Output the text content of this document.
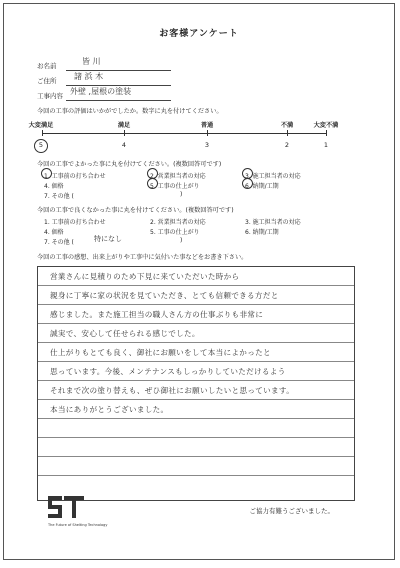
お客様アンケート
お名前	皆 川
ご住所 諸 浜 木
工事内容 外壁 ,屋根の塗装
今回の工事の評価はいかがでしたか。数字に丸を付けてください。
大変満足	満足	普通	不満	大変不満
5	4	3	2	1
今回の工事でよかった事に丸を付けてください。(複数回答可です)
1. 工事前の打ち合わせ	2. 営業担当者の対応	3. 施工担当者の対応
4. 価格	5. 工事の仕上がり	6. 納期/工期
7. その他 (	)
今回の工事で良くなかった事に丸を付けてください。(複数回答可です)
1. 工事前の打ち合わせ	2. 営業担当者の対応	3. 施工担当者の対応
4. 価格	5. 工事の仕上がり	6. 納期/工期
7. その他 (	特になし	)
今回の工事の感想、出来上がりや工事中に気付いた事などをお書き下さい。
営業さんに見積りのため下見に来ていただいた時から
親身に丁寧に家の状況を見ていただき、とても信頼できる方だと
感じました。また施工担当の職人さん方の仕事ぶりも非常に
誠実で、安心して任せられる感じでした。
仕上がりもとても良く、御社にお願いをして本当によかったと
思っています。今後、メンテナンスもしっかりしていただけるよう
それまで次の塗り替えも、ぜひ御社にお願いしたいと思っています。
本当にありがとうございました。
The Future of Shelting Technology
ご協力有難うございました。
